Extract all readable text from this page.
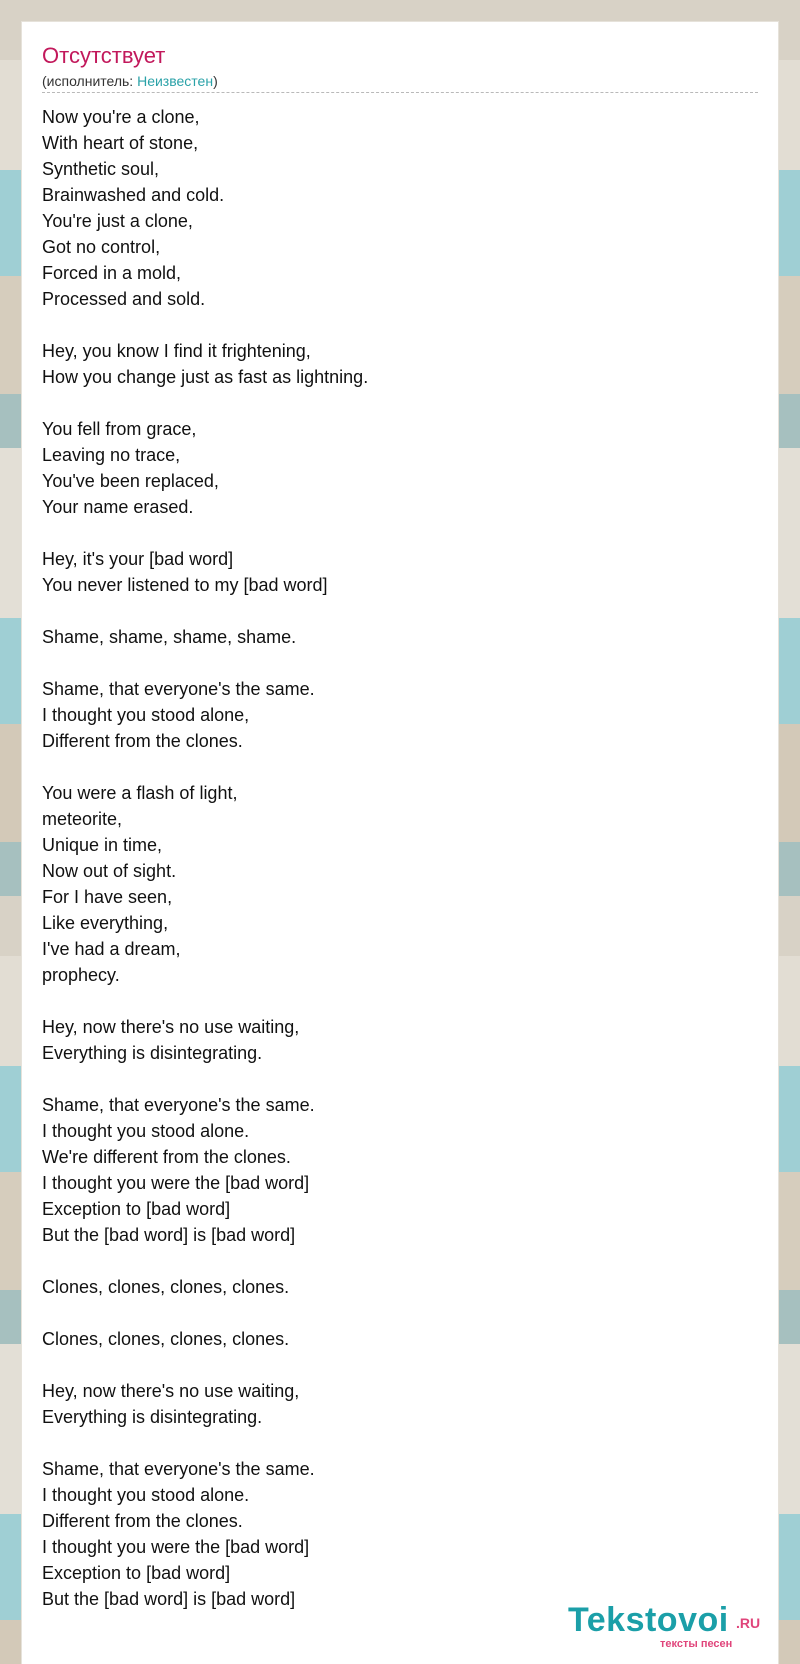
Отсутствует
(исполнитель: Неизвестен)
Now you're a clone,
With heart of stone,
Synthetic soul,
Brainwashed and cold.
You're just a clone,
Got no control,
Forced in a mold,
Processed and sold.
Hey, you know I find it frightening,
How you change just as fast as lightning.
You fell from grace,
Leaving no trace,
You've been replaced,
Your name erased.
Hey, it's your [bad word]
You never listened to my [bad word]
Shame, shame, shame, shame.
Shame, that everyone's the same.
I thought you stood alone,
Different from the clones.
You were a flash of light,
meteorite,
Unique in time,
Now out of sight.
For I have seen,
Like everything,
I've had a dream,
prophecy.
Hey, now there's no use waiting,
Everything is disintegrating.
Shame, that everyone's the same.
I thought you stood alone.
We're different from the clones.
I thought you were the [bad word]
Exception to [bad word]
But the [bad word] is [bad word]
Clones, clones, clones, clones.
Clones, clones, clones, clones.
Hey, now there's no use waiting,
Everything is disintegrating.
Shame, that everyone's the same.
I thought you stood alone.
Different from the clones.
I thought you were the [bad word]
Exception to [bad word]
But the [bad word] is [bad word]
Tekstovoi .RU
тексты песен
